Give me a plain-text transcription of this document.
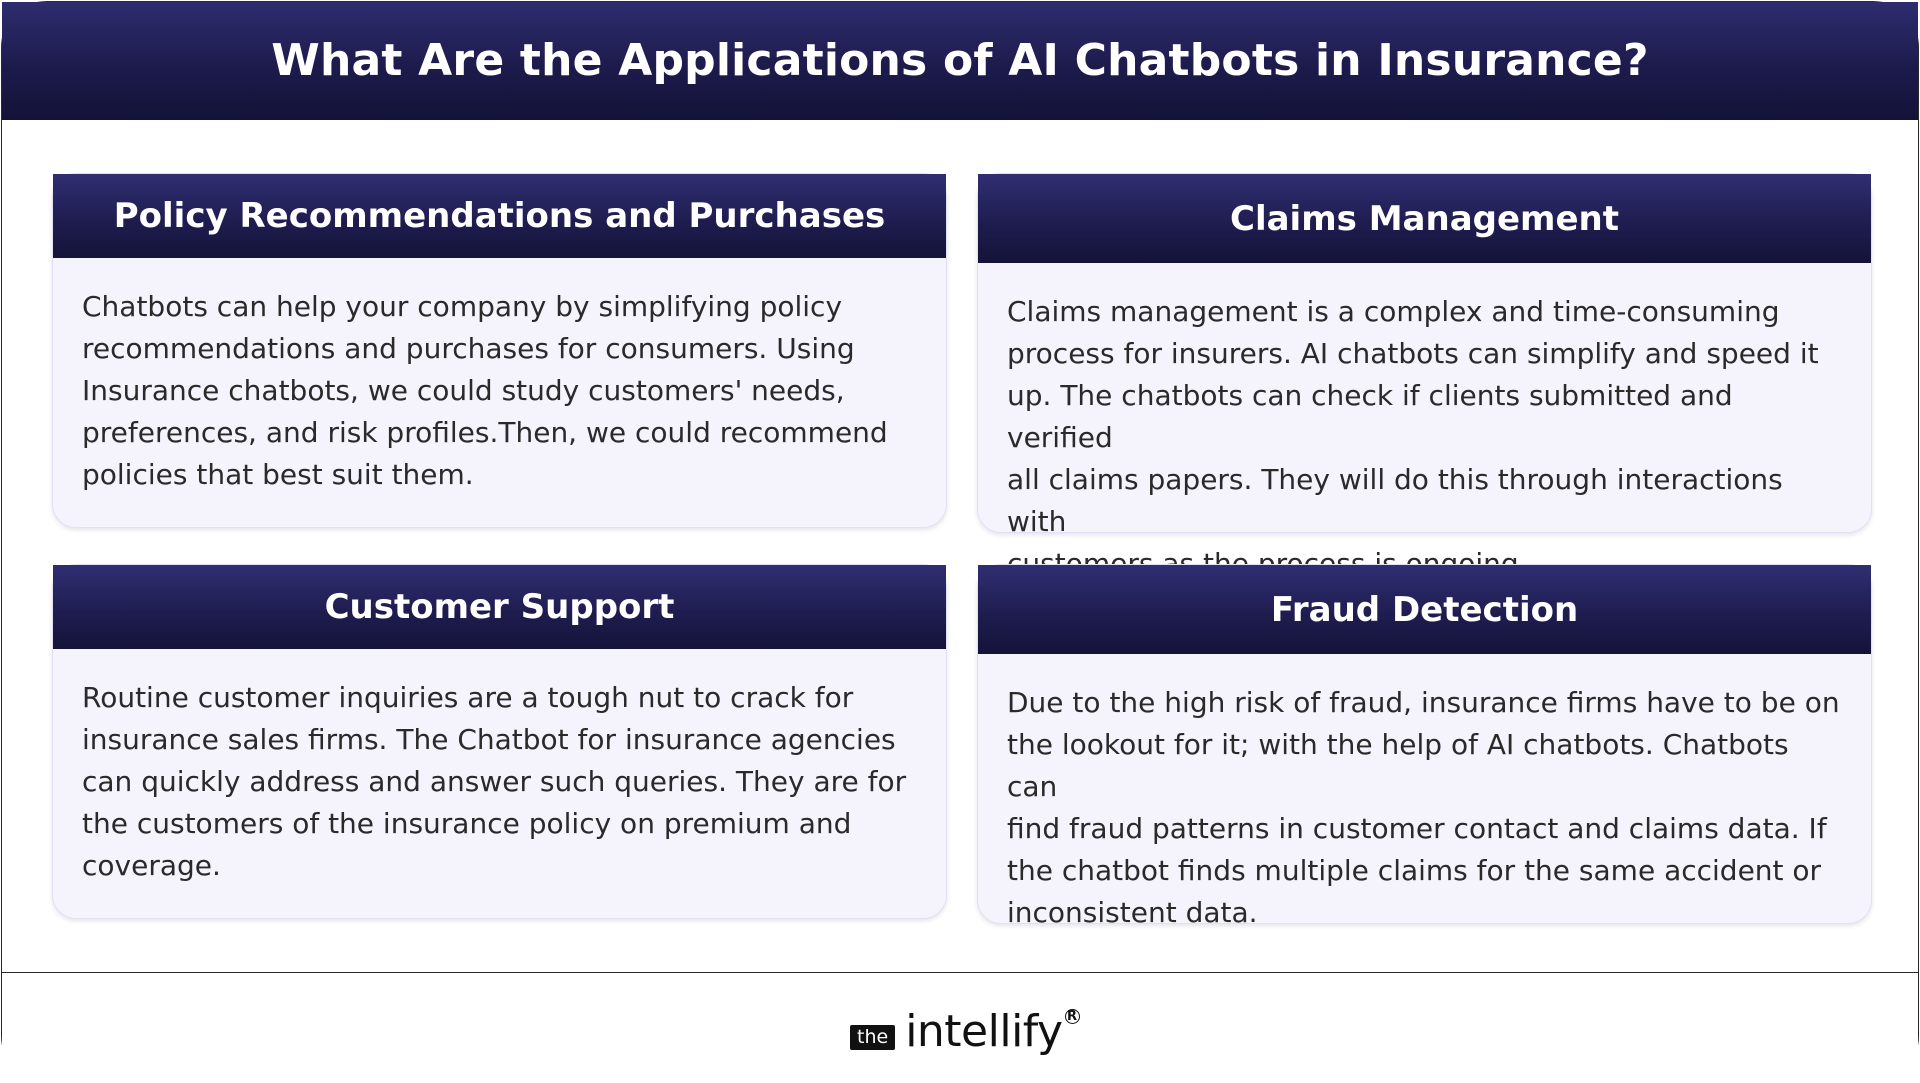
What Are the Applications of AI Chatbots in Insurance?
Policy Recommendations and Purchases

Chatbots can help your company by simplifying policy
recommendations and purchases for consumers. Using
Insurance chatbots, we could study customers' needs,
preferences, and risk profiles.Then, we could recommend
policies that best suit them.

Claims Management

Claims management is a complex and time-consuming
process for insurers. AI chatbots can simplify and speed it
up. The chatbots can check if clients submitted and verified
all claims papers. They will do this through interactions with

Customer Support

Routine customer inquiries are a tough nut to crack for
insurance sales firms. The Chatbot for insurance agencies
can quickly address and answer such queries. They are for
the customers of the insurance policy on premium and
coverage.

Fraud Detection

Due to the high risk of fraud, insurance firms have to be on
the lookout for it; with the help of AI chatbots. Chatbots can
find fraud patterns in customer contact and claims data. If
the chatbot finds multiple claims for the same accident or
inconsistent data.

the intellify R
